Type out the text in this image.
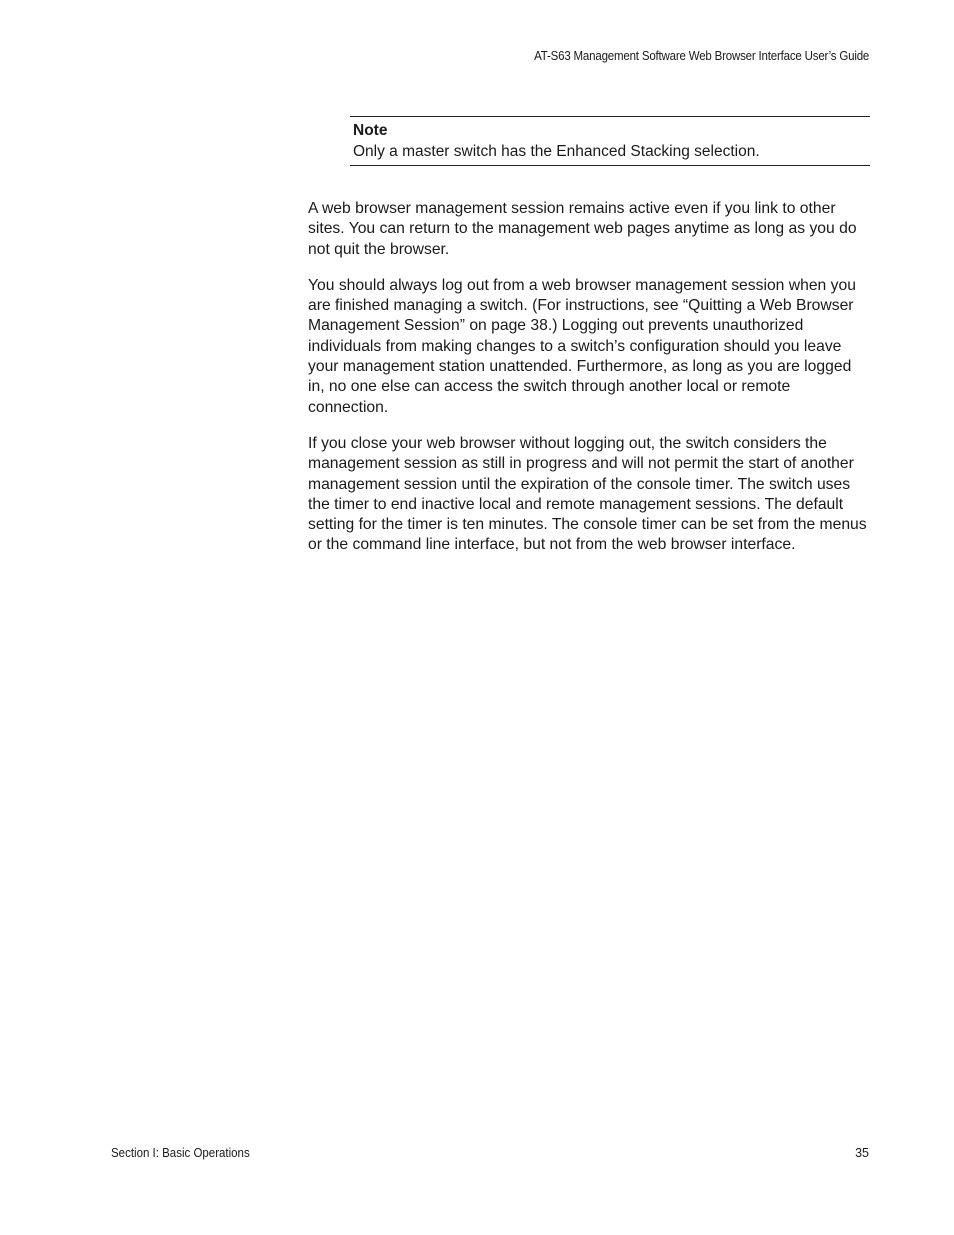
AT-S63 Management Software Web Browser Interface User’s Guide
Note
Only a master switch has the Enhanced Stacking selection.

A web browser management session remains active even if you link to other sites. You can return to the management web pages anytime as long as you do not quit the browser.

You should always log out from a web browser management session when you are finished managing a switch. (For instructions, see “Quitting a Web Browser Management Session” on page 38.) Logging out prevents unauthorized individuals from making changes to a switch’s configuration should you leave your management station unattended. Furthermore, as long as you are logged in, no one else can access the switch through another local or remote connection.

If you close your web browser without logging out, the switch considers the management session as still in progress and will not permit the start of another management session until the expiration of the console timer. The switch uses the timer to end inactive local and remote management sessions. The default setting for the timer is ten minutes. The console timer can be set from the menus or the command line interface, but not from the web browser interface.

Section I: Basic Operations	35
